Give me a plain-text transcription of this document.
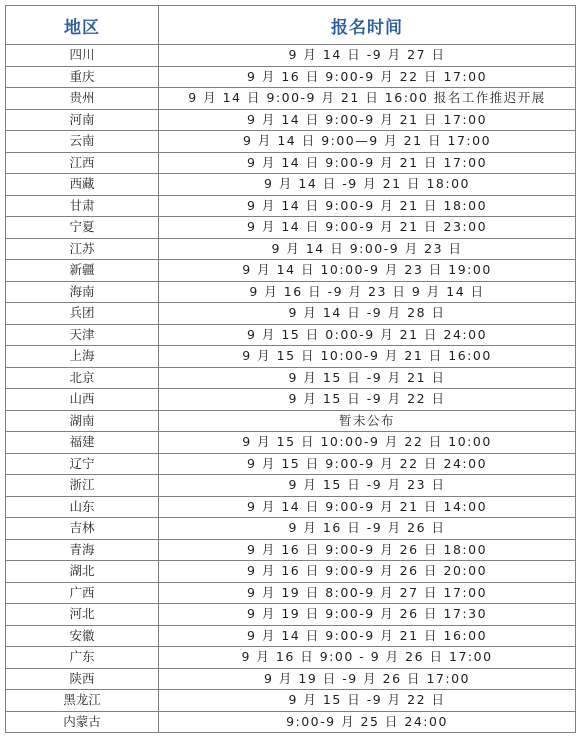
地区	报名时间
四川	9 月 14 日 -9 月 27 日
重庆	9 月 16 日 9:00-9 月 22 日 17:00
贵州	9 月 14 日 9:00-9 月 21 日 16:00 报名工作推迟开展
河南	9 月 14 日 9:00-9 月 21 日 17:00
云南	9 月 14 日 9:00—9 月 21 日 17:00
江西	9 月 14 日 9:00-9 月 21 日 17:00
西藏	9 月 14 日 -9 月 21 日 18:00
甘肃	9 月 14 日 9:00-9 月 21 日 18:00
宁夏	9 月 14 日 9:00-9 月 21 日 23:00
江苏	9 月 14 日 9:00-9 月 23 日
新疆	9 月 14 日 10:00-9 月 23 日 19:00
海南	9 月 16 日 -9 月 23 日 9 月 14 日
兵团	9 月 14 日 -9 月 28 日
天津	9 月 15 日 0:00-9 月 21 日 24:00
上海	9 月 15 日 10:00-9 月 21 日 16:00
北京	9 月 15 日 -9 月 21 日
山西	9 月 15 日 -9 月 22 日
湖南	暂未公布
福建	9 月 15 日 10:00-9 月 22 日 10:00
辽宁	9 月 15 日 9:00-9 月 22 日 24:00
浙江	9 月 15 日 -9 月 23 日
山东	9 月 14 日 9:00-9 月 21 日 14:00
吉林	9 月 16 日 -9 月 26 日
青海	9 月 16 日 9:00-9 月 26 日 18:00
湖北	9 月 16 日 9:00-9 月 26 日 20:00
广西	9 月 19 日 8:00-9 月 27 日 17:00
河北	9 月 19 日 9:00-9 月 26 日 17:30
安徽	9 月 14 日 9:00-9 月 21 日 16:00
广东	9 月 16 日 9:00 - 9 月 26 日 17:00
陕西	9 月 19 日 -9 月 26 日 17:00
黑龙江	9 月 15 日 -9 月 22 日
内蒙古	9:00-9 月 25 日 24:00
